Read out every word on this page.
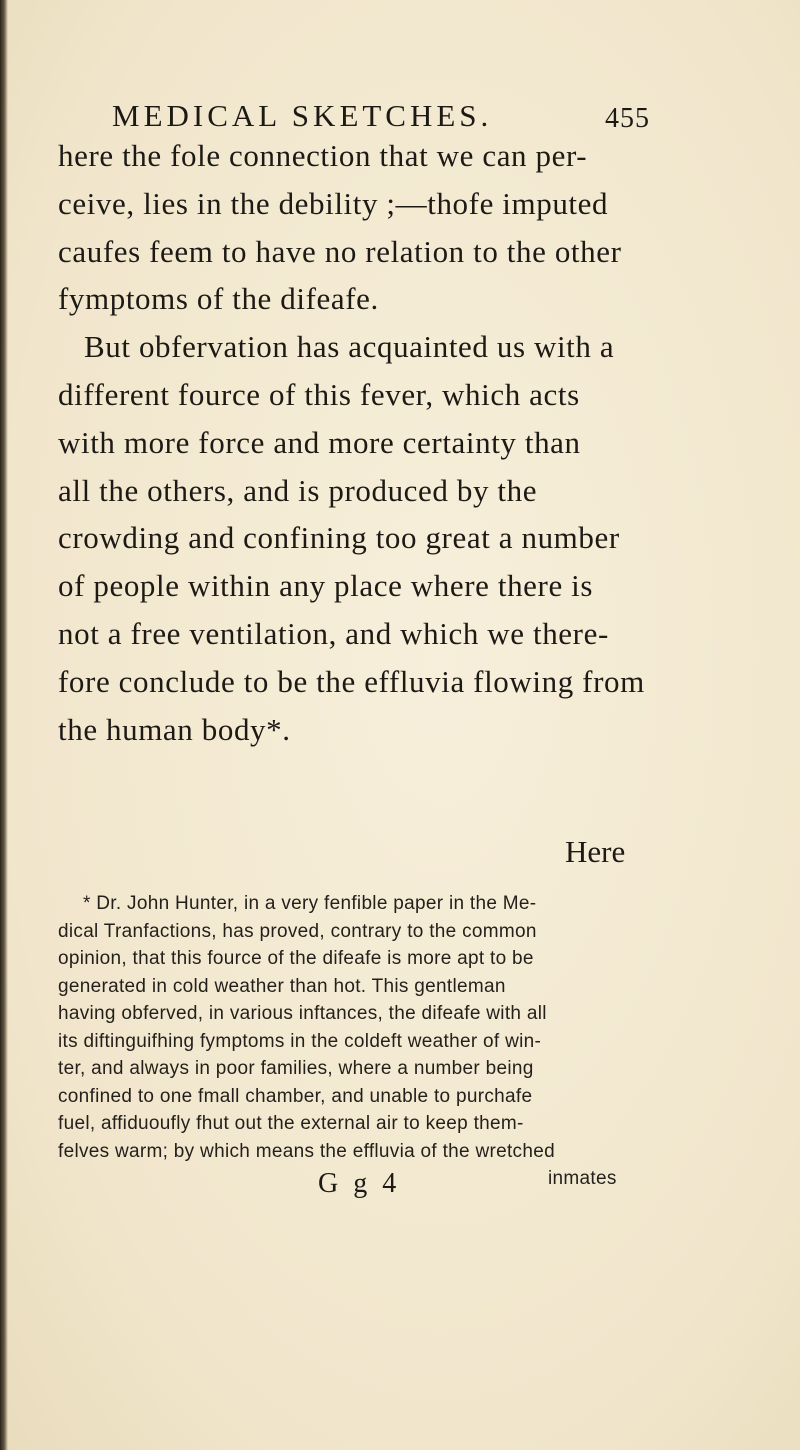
MEDICAL SKETCHES.	455
here the fole connection that we can per-
ceive, lies in the debility ;—thofe imputed
caufes feem to have no relation to the other
fymptoms of the difeafe.
But obfervation has acquainted us with a
different fource of this fever, which acts
with more force and more certainty than
all the others, and is produced by the
crowding and confining too great a number
of people within any place where there is
not a free ventilation, and which we there-
fore conclude to be the effluvia flowing from
the human body*.
Here
* Dr. John Hunter, in a very fenfible paper in the Me-
dical Tranfactions, has proved, contrary to the common
opinion, that this fource of the difeafe is more apt to be
generated in cold weather than hot. This gentleman
having obferved, in various inftances, the difeafe with all
its diftinguifhing fymptoms in the coldeft weather of win-
ter, and always in poor families, where a number being
confined to one fmall chamber, and unable to purchafe
fuel, affiduoufly fhut out the external air to keep them-
felves warm; by which means the effluvia of the wretched
inmates
G g 4
